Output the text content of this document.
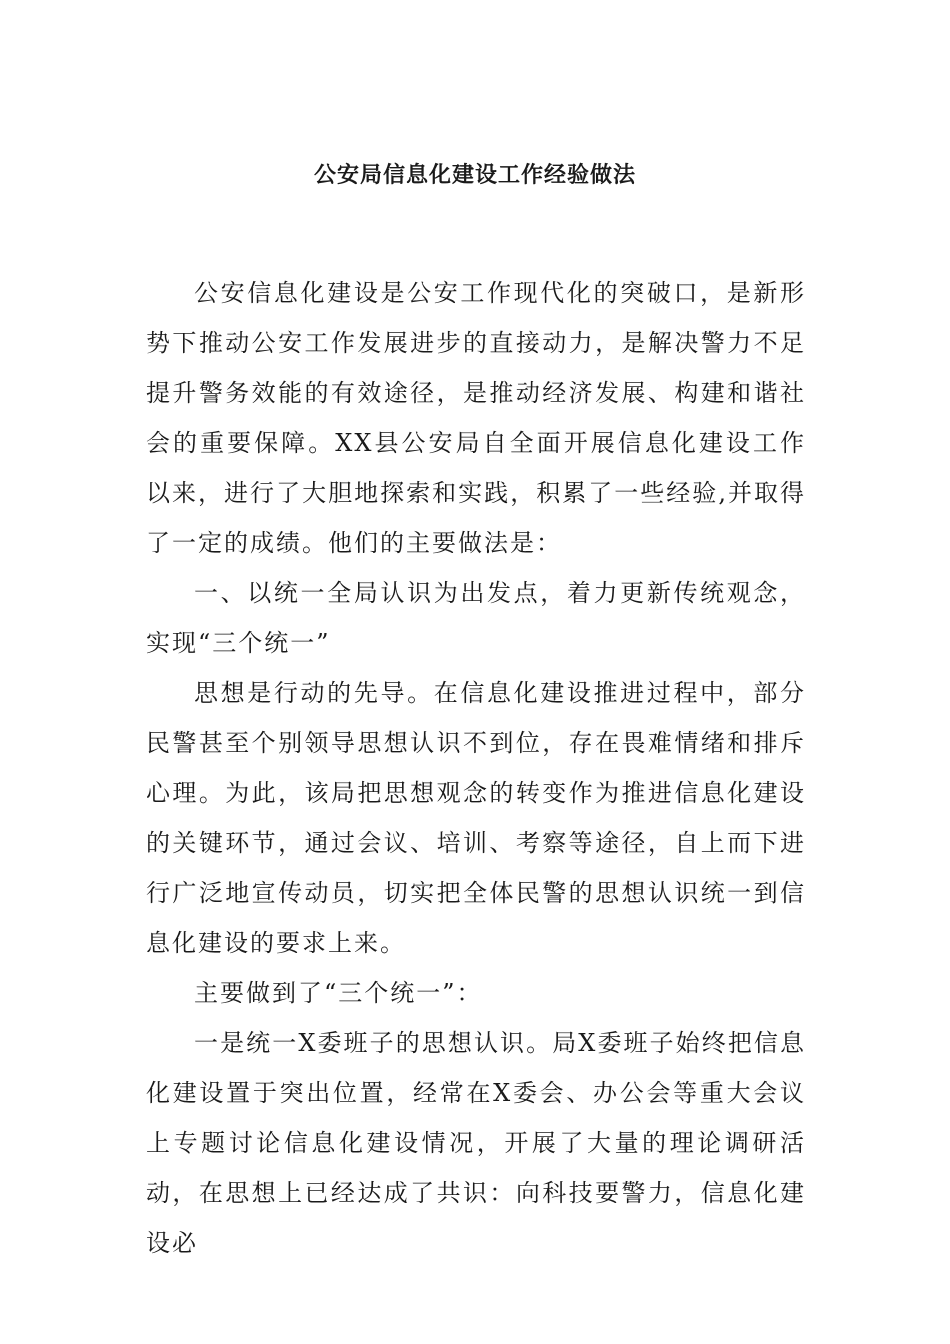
公安局信息化建设工作经验做法

公安信息化建设是公安工作现代化的突破口，是新形势下推动公安工作发展进步的直接动力，是解决警力不足提升警务效能的有效途径，是推动经济发展、构建和谐社会的重要保障。XX县公安局自全面开展信息化建设工作以来，进行了大胆地探索和实践，积累了一些经验,并取得了一定的成绩。他们的主要做法是：

一、以统一全局认识为出发点，着力更新传统观念，实现“三个统一”

思想是行动的先导。在信息化建设推进过程中，部分民警甚至个别领导思想认识不到位，存在畏难情绪和排斥心理。为此，该局把思想观念的转变作为推进信息化建设的关键环节，通过会议、培训、考察等途径，自上而下进行广泛地宣传动员，切实把全体民警的思想认识统一到信息化建设的要求上来。

主要做到了“三个统一”：

一是统一X委班子的思想认识。局X委班子始终把信息化建设置于突出位置，经常在X委会、办公会等重大会议上专题讨论信息化建设情况，开展了大量的理论调研活动，在思想上已经达成了共识：向科技要警力，信息化建设必
